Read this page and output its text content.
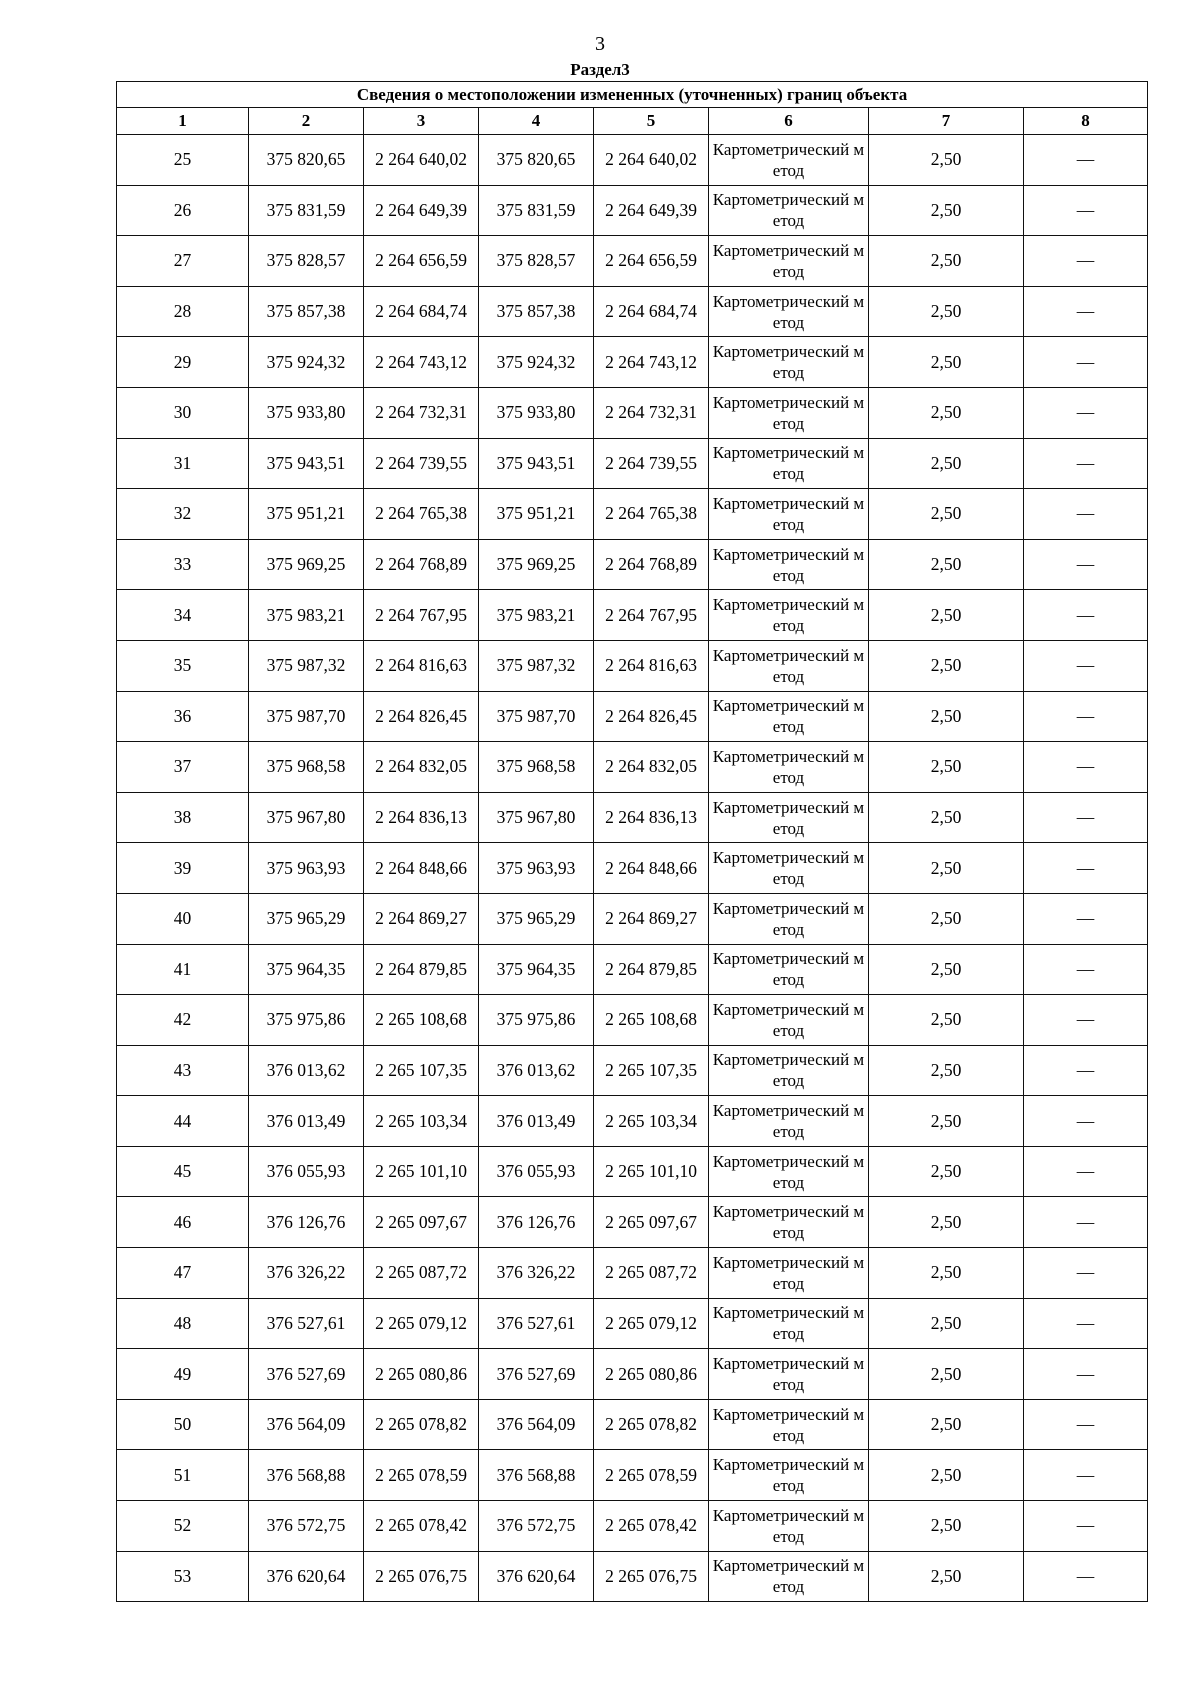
3
Раздел3
Сведения о местоположении измененных (уточненных) границ объекта							
1	2	3	4	5	6	7	8
25	375 820,65	2 264 640,02	375 820,65	2 264 640,02	Картометрический метод	2,50	—
26	375 831,59	2 264 649,39	375 831,59	2 264 649,39	Картометрический метод	2,50	—
27	375 828,57	2 264 656,59	375 828,57	2 264 656,59	Картометрический метод	2,50	—
28	375 857,38	2 264 684,74	375 857,38	2 264 684,74	Картометрический метод	2,50	—
29	375 924,32	2 264 743,12	375 924,32	2 264 743,12	Картометрический метод	2,50	—
30	375 933,80	2 264 732,31	375 933,80	2 264 732,31	Картометрический метод	2,50	—
31	375 943,51	2 264 739,55	375 943,51	2 264 739,55	Картометрический метод	2,50	—
32	375 951,21	2 264 765,38	375 951,21	2 264 765,38	Картометрический метод	2,50	—
33	375 969,25	2 264 768,89	375 969,25	2 264 768,89	Картометрический метод	2,50	—
34	375 983,21	2 264 767,95	375 983,21	2 264 767,95	Картометрический метод	2,50	—
35	375 987,32	2 264 816,63	375 987,32	2 264 816,63	Картометрический метод	2,50	—
36	375 987,70	2 264 826,45	375 987,70	2 264 826,45	Картометрический метод	2,50	—
37	375 968,58	2 264 832,05	375 968,58	2 264 832,05	Картометрический метод	2,50	—
38	375 967,80	2 264 836,13	375 967,80	2 264 836,13	Картометрический метод	2,50	—
39	375 963,93	2 264 848,66	375 963,93	2 264 848,66	Картометрический метод	2,50	—
40	375 965,29	2 264 869,27	375 965,29	2 264 869,27	Картометрический метод	2,50	—
41	375 964,35	2 264 879,85	375 964,35	2 264 879,85	Картометрический метод	2,50	—
42	375 975,86	2 265 108,68	375 975,86	2 265 108,68	Картометрический метод	2,50	—
43	376 013,62	2 265 107,35	376 013,62	2 265 107,35	Картометрический метод	2,50	—
44	376 013,49	2 265 103,34	376 013,49	2 265 103,34	Картометрический метод	2,50	—
45	376 055,93	2 265 101,10	376 055,93	2 265 101,10	Картометрический метод	2,50	—
46	376 126,76	2 265 097,67	376 126,76	2 265 097,67	Картометрический метод	2,50	—
47	376 326,22	2 265 087,72	376 326,22	2 265 087,72	Картометрический метод	2,50	—
48	376 527,61	2 265 079,12	376 527,61	2 265 079,12	Картометрический метод	2,50	—
49	376 527,69	2 265 080,86	376 527,69	2 265 080,86	Картометрический метод	2,50	—
50	376 564,09	2 265 078,82	376 564,09	2 265 078,82	Картометрический метод	2,50	—
51	376 568,88	2 265 078,59	376 568,88	2 265 078,59	Картометрический метод	2,50	—
52	376 572,75	2 265 078,42	376 572,75	2 265 078,42	Картометрический метод	2,50	—
53	376 620,64	2 265 076,75	376 620,64	2 265 076,75	Картометрический метод	2,50	—
